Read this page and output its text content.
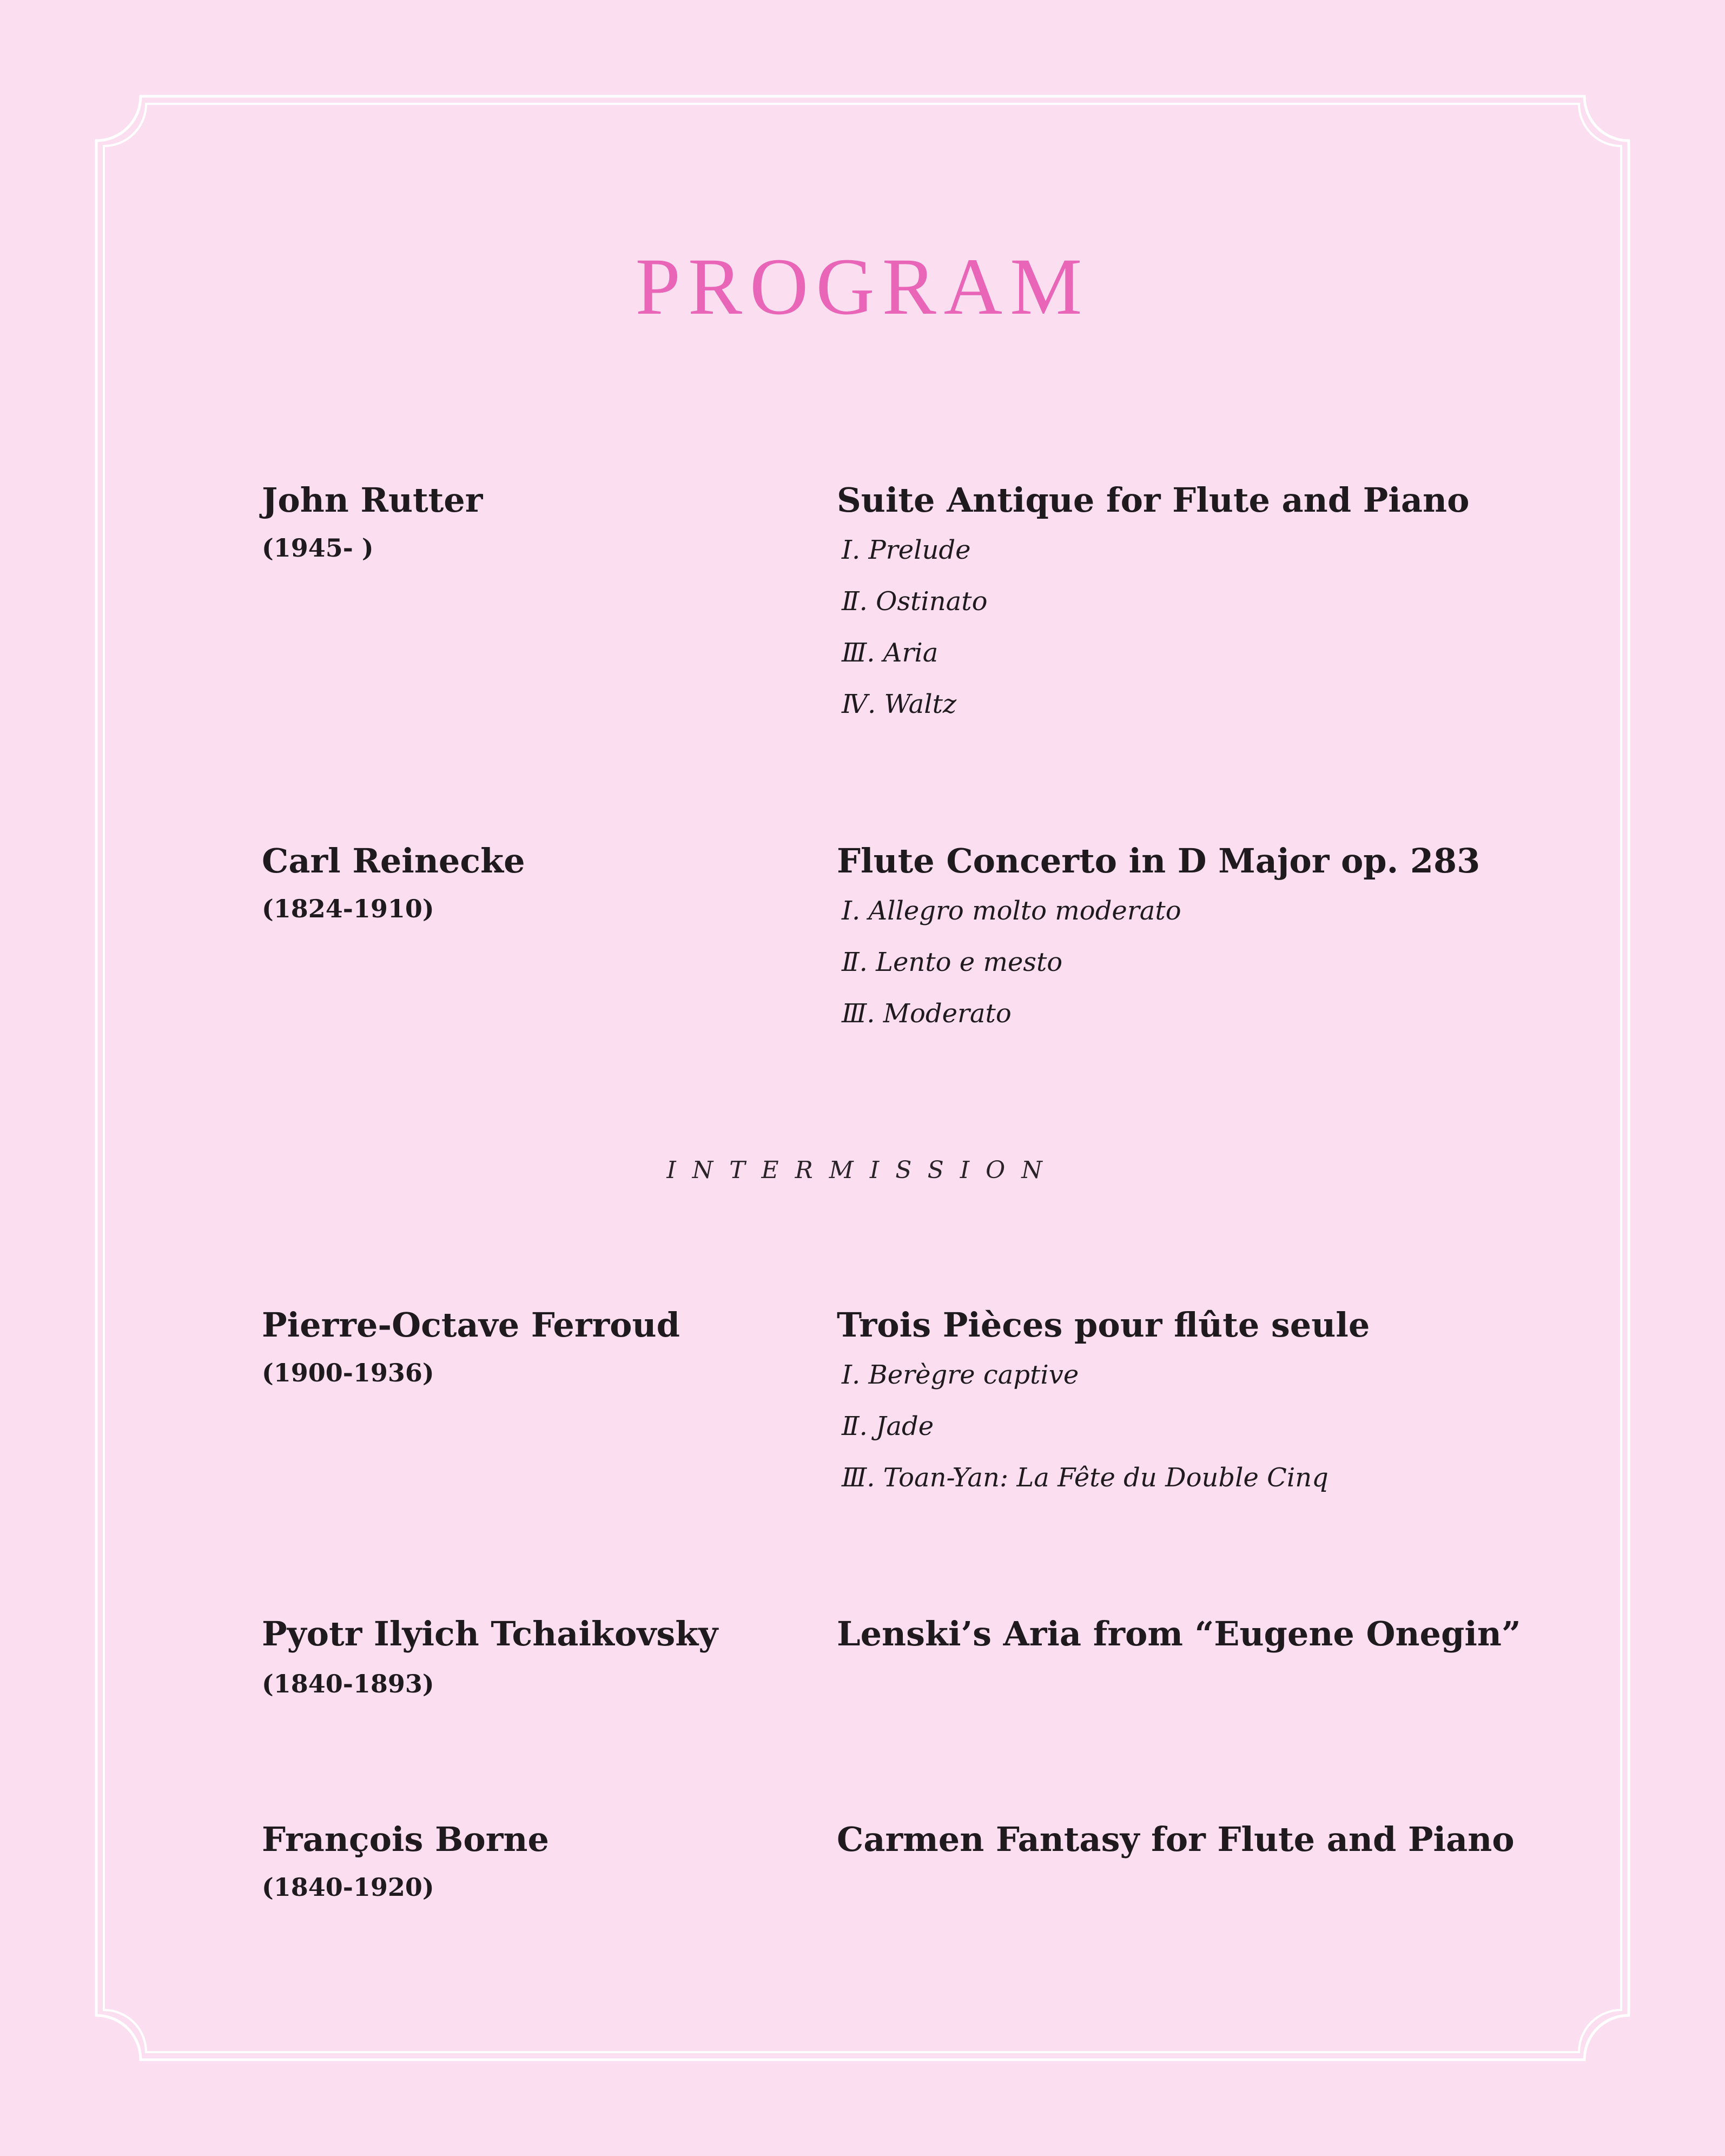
PROGRAM
John Rutter
(1945- )
Suite Antique for Flute and Piano
Ⅰ. Prelude
Ⅱ. Ostinato
Ⅲ. Aria
Ⅳ. Waltz
Carl Reinecke
(1824-1910)
Flute Concerto in D Major op. 283
Ⅰ. Allegro molto moderato
Ⅱ. Lento e mesto
Ⅲ. Moderato
INTERMISSION
Pierre-Octave Ferroud
(1900-1936)
Trois Pièces pour flûte seule
Ⅰ. Berègre captive
Ⅱ. Jade
Ⅲ. Toan-Yan: La Fête du Double Cinq
Pyotr Ilyich Tchaikovsky
(1840-1893)
Lenski’s Aria from “Eugene Onegin”
François Borne
(1840-1920)
Carmen Fantasy for Flute and Piano
